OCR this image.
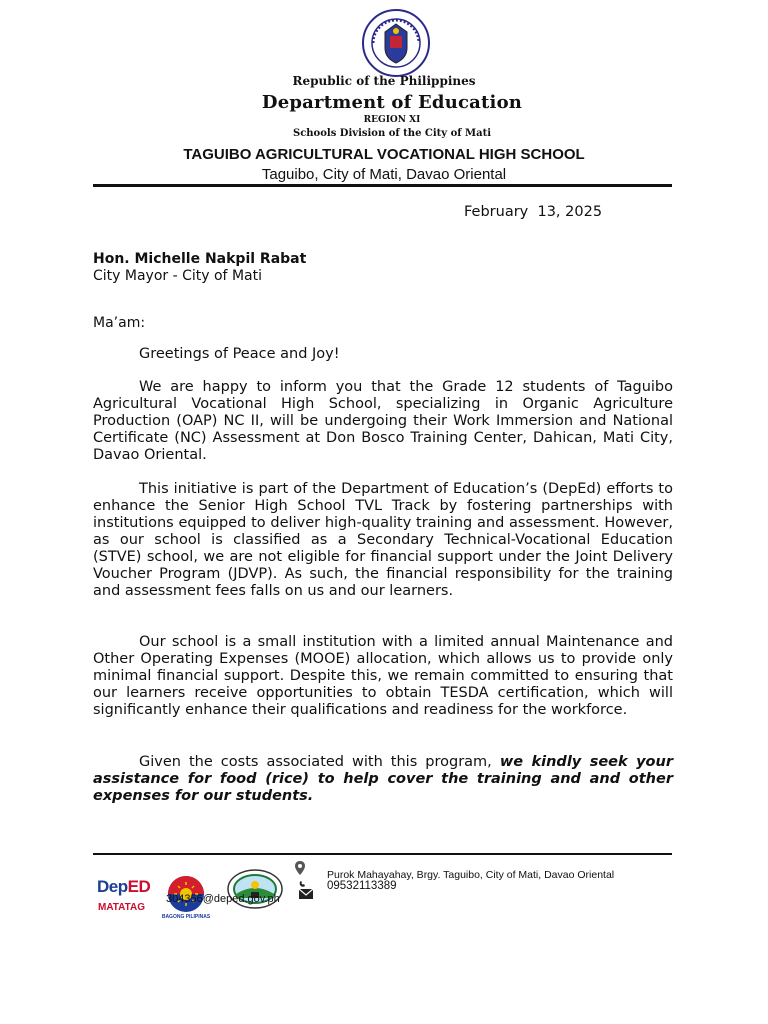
Republic of the Philippines
Department of Education
REGION XI
Schools Division of the City of Mati
TAGUIBO AGRICULTURAL VOCATIONAL HIGH SCHOOL
Taguibo, City of Mati, Davao Oriental
February  13, 2025
Hon. Michelle Nakpil Rabat
City Mayor - City of Mati
Ma’am:

Greetings of Peace and Joy!

We are happy to inform you that the Grade 12 students of Taguibo Agricultural Vocational High School, specializing in Organic Agriculture Production (OAP) NC II, will be undergoing their Work Immersion and National Certificate (NC) Assessment at Don Bosco Training Center, Dahican, Mati City, Davao Oriental.

This initiative is part of the Department of Education’s (DepEd) efforts to enhance the Senior High School TVL Track by fostering partnerships with institutions equipped to deliver high-quality training and assessment. However, as our school is classified as a Secondary Technical-Vocational Education (STVE) school, we are not eligible for financial support under the Joint Delivery Voucher Program (JDVP). As such, the financial responsibility for the training and assessment fees falls on us and our learners.

Our school is a small institution with a limited annual Maintenance and Other Operating Expenses (MOOE) allocation, which allows us to provide only minimal financial support. Despite this, we remain committed to ensuring that our learners receive opportunities to obtain TESDA certification, which will significantly enhance their qualifications and readiness for the workforce.

Given the costs associated with this program, we kindly seek your assistance for food (rice) to help cover the training and and other expenses for our students.

DepED
MATATAG
BAGONG PILIPINAS
Purok Mahayahay, Brgy. Taguibo, City of Mati, Davao Oriental
09532113389
304356@deped.gov.ph
